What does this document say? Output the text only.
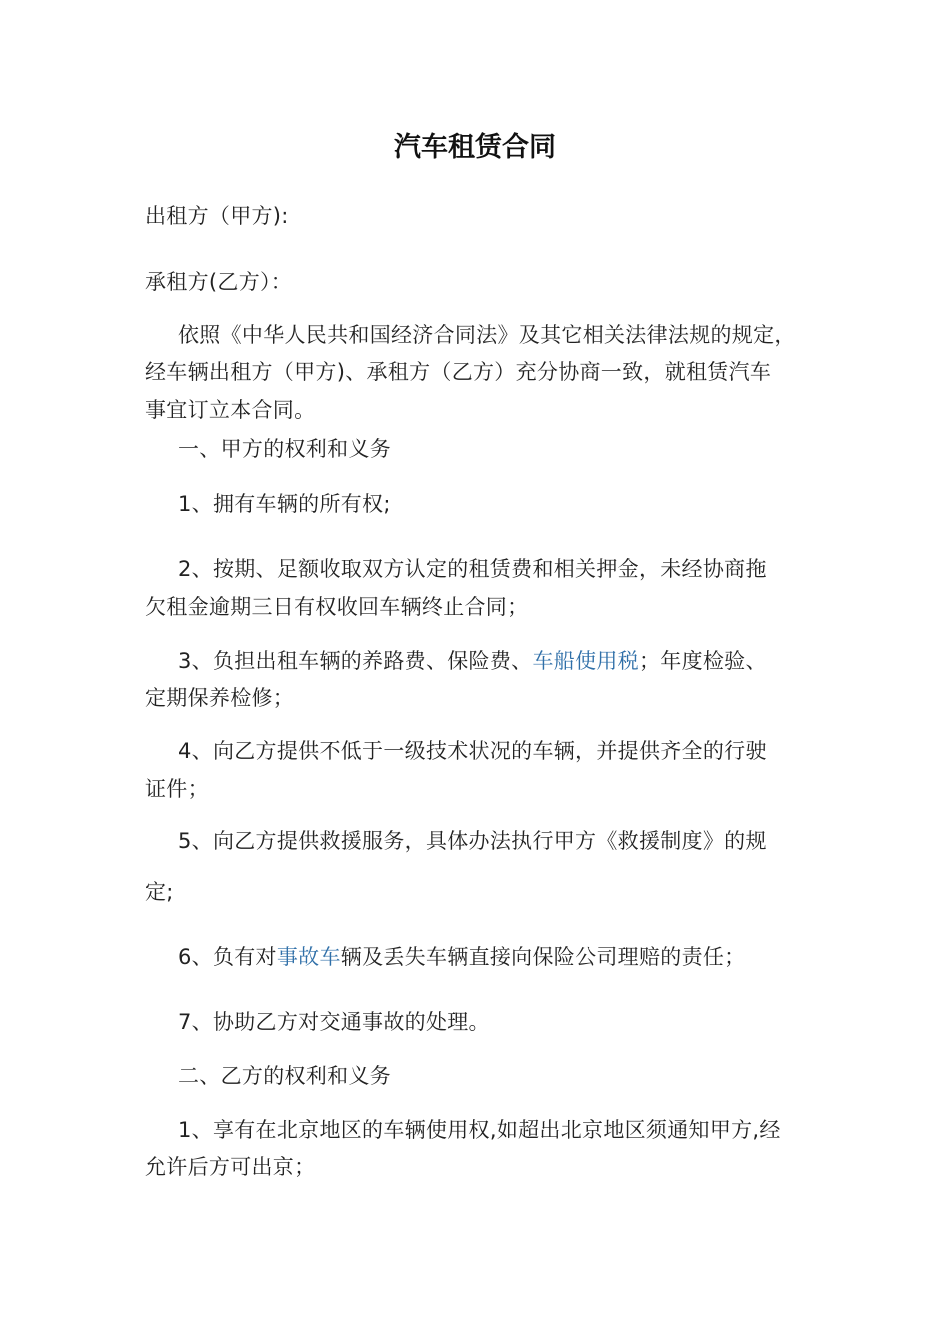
汽车租赁合同
出租方（甲方):
承租方(乙方）：
依照《中华人民共和国经济合同法》及其它相关法律法规的规定，
经车辆出租方（甲方)、承租方（乙方）充分协商一致，就租赁汽车
事宜订立本合同。
一、甲方的权利和义务
1、拥有车辆的所有权;
2、按期、足额收取双方认定的租赁费和相关押金，未经协商拖
欠租金逾期三日有权收回车辆终止合同；
3、负担出租车辆的养路费、保险费、车船使用税；年度检验、
定期保养检修；
4、向乙方提供不低于一级技术状况的车辆，并提供齐全的行驶
证件；
5、向乙方提供救援服务，具体办法执行甲方《救援制度》的规
定;
6、负有对事故车辆及丢失车辆直接向保险公司理赔的责任；
7、协助乙方对交通事故的处理。
二、乙方的权利和义务
1、享有在北京地区的车辆使用权,如超出北京地区须通知甲方,经
允许后方可出京；
